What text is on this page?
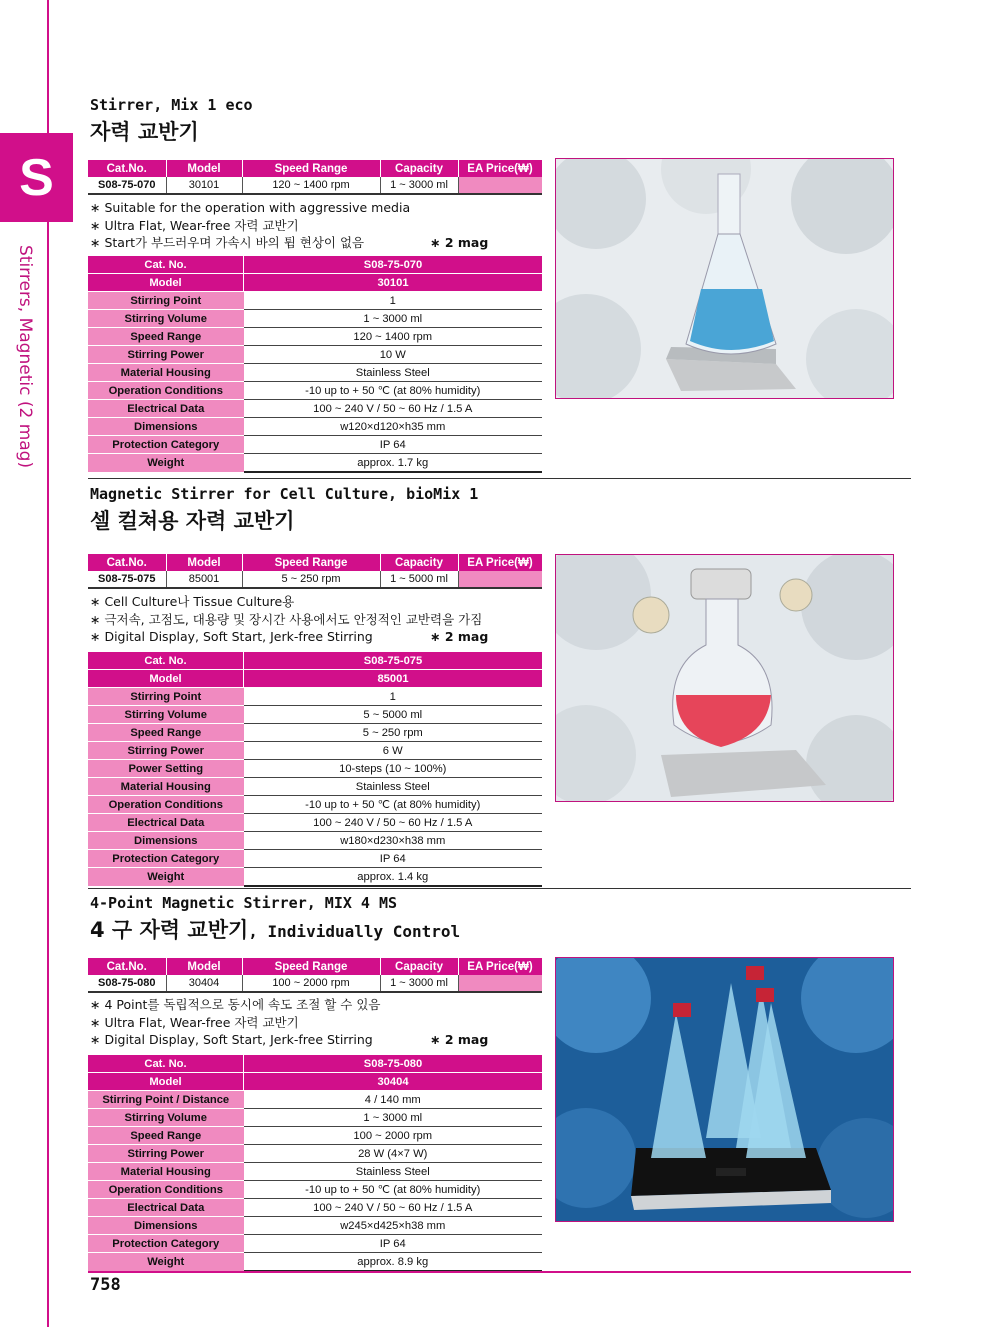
S
Stirrers, Magnetic (2 mag)
Stirrer, Mix 1 eco
자력 교반기
Cat.No.	Model	Speed Range	Capacity	EA Price(₩)
S08-75-070	30101	120 ~ 1400 rpm	1 ~ 3000 ml	
∗ Suitable for the operation with aggressive media
∗ Ultra Flat, Wear-free 자력 교반기
∗ Start가 부드러우며 가속시 바의 튐 현상이 없음	∗ 2 mag
Cat. No.	S08-75-070
Model	30101
Stirring Point	1
Stirring Volume	1 ~ 3000 ml
Speed Range	120 ~ 1400 rpm
Stirring Power	10 W
Material Housing	Stainless Steel
Operation Conditions	-10 up to + 50 ℃ (at 80% humidity)
Electrical Data	100 ~ 240 V / 50 ~ 60 Hz / 1.5 A
Dimensions	w120×d120×h35 mm
Protection Category	IP 64
Weight	approx. 1.7 kg
Magnetic Stirrer for Cell Culture, bioMix 1
셀 컬쳐용 자력 교반기
Cat.No.	Model	Speed Range	Capacity	EA Price(₩)
S08-75-075	85001	5 ~ 250 rpm	1 ~ 5000 ml	
∗ Cell Culture나 Tissue Culture용
∗ 극저속, 고점도, 대용량 및 장시간 사용에서도 안정적인 교반력을 가짐
∗ Digital Display, Soft Start, Jerk-free Stirring	∗ 2 mag
Cat. No.	S08-75-075
Model	85001
Stirring Point	1
Stirring Volume	5 ~ 5000 ml
Speed Range	5 ~ 250 rpm
Stirring Power	6 W
Power Setting	10-steps (10 ~ 100%)
Material Housing	Stainless Steel
Operation Conditions	-10 up to + 50 ℃ (at 80% humidity)
Electrical Data	100 ~ 240 V / 50 ~ 60 Hz / 1.5 A
Dimensions	w180×d230×h38 mm
Protection Category	IP 64
Weight	approx. 1.4 kg
4-Point Magnetic Stirrer, MIX 4 MS
4 구 자력 교반기, Individually Control
Cat.No.	Model	Speed Range	Capacity	EA Price(₩)
S08-75-080	30404	100 ~ 2000 rpm	1 ~ 3000 ml	
∗ 4 Point를 독립적으로 동시에 속도 조절 할 수 있음
∗ Ultra Flat, Wear-free 자력 교반기
∗ Digital Display, Soft Start, Jerk-free Stirring	∗ 2 mag
Cat. No.	S08-75-080
Model	30404
Stirring Point / Distance	4 / 140 mm
Stirring Volume	1 ~ 3000 ml
Speed Range	100 ~ 2000 rpm
Stirring Power	28 W (4×7 W)
Material Housing	Stainless Steel
Operation Conditions	-10 up to + 50 ℃ (at 80% humidity)
Electrical Data	100 ~ 240 V / 50 ~ 60 Hz / 1.5 A
Dimensions	w245×d425×h38 mm
Protection Category	IP 64
Weight	approx. 8.9 kg
758
